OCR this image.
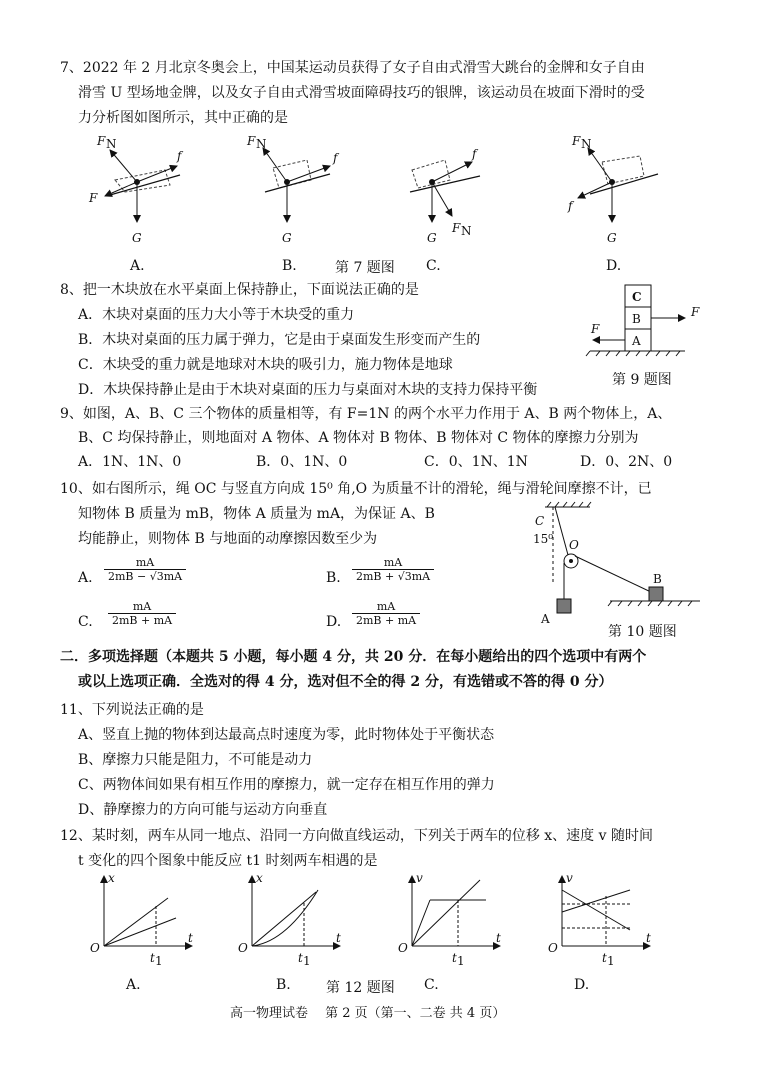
7、2022 年 2 月北京冬奥会上，中国某运动员获得了女子自由式滑雪大跳台的金牌和女子自由
滑雪 U 型场地金牌，以及女子自由式滑雪坡面障碍技巧的银牌，该运动员在坡面下滑时的受
力分析图如图所示，其中正确的是
F N
f
F
G
F N
f
G
f
F N
G
F N
f
G
A.	B.	第 7 题图 C.	D.
8、把一木块放在水平桌面上保持静止，下面说法正确的是
A．木块对桌面的压力大小等于木块受的重力
B．木块对桌面的压力属于弹力，它是由于桌面发生形变而产生的
C．木块受的重力就是地球对木块的吸引力，施力物体是地球
D．木块保持静止是由于木块对桌面的压力与桌面对木块的支持力保持平衡
C
B
A
F
F
第 9 题图
9、如图，A、B、C 三个物体的质量相等，有 F=1N 的两个水平力作用于 A、B 两个物体上，A、
B、C 均保持静止，则地面对 A 物体、A 物体对 B 物体、B 物体对 C 物体的摩擦力分别为
A．1N、1N、0	B．0、1N、0	C．0、1N、1N	D．0、2N、0
10、如右图所示，绳 OC 与竖直方向成 15⁰ 角,O 为质量不计的滑轮，绳与滑轮间摩擦不计，已
知物体 B 质量为 mB，物体 A 质量为 mA，为保证 A、B
均能静止，则物体 B 与地面的动摩擦因数至少为
A. $\frac{mA}{2mB - √3mA}$	B. $\frac{mA}{2mB + √3mA}$
C. $\frac{mA}{2mB + mA}$	D. $\frac{mA}{2mB + mA}$
C
15⁰ O
A
B
第 10 题图
二．多项选择题（本题共 5 小题，每小题 4 分，共 20 分．在每小题给出的四个选项中有两个
或以上选项正确．全选对的得 4 分，选对但不全的得 2 分，有选错或不答的得 0 分）
11、下列说法正确的是
A、竖直上抛的物体到达最高点时速度为零，此时物体处于平衡状态
B、摩擦力只能是阻力，不可能是动力
C、两物体间如果有相互作用的摩擦力，就一定存在相互作用的弹力
D、静摩擦力的方向可能与运动方向垂直
12、某时刻，两车从同一地点、沿同一方向做直线运动，下列关于两车的位移 x、速度 v 随时间
t 变化的四个图象中能反应 t1 时刻两车相遇的是
x
t
O
t 1
x
t
O
t 1
v
t
O
t 1
v
t
O
t 1
A.	B.	第 12 题图 C.	D.
高一物理试卷　 第 2 页（第一、二卷 共 4 页）
